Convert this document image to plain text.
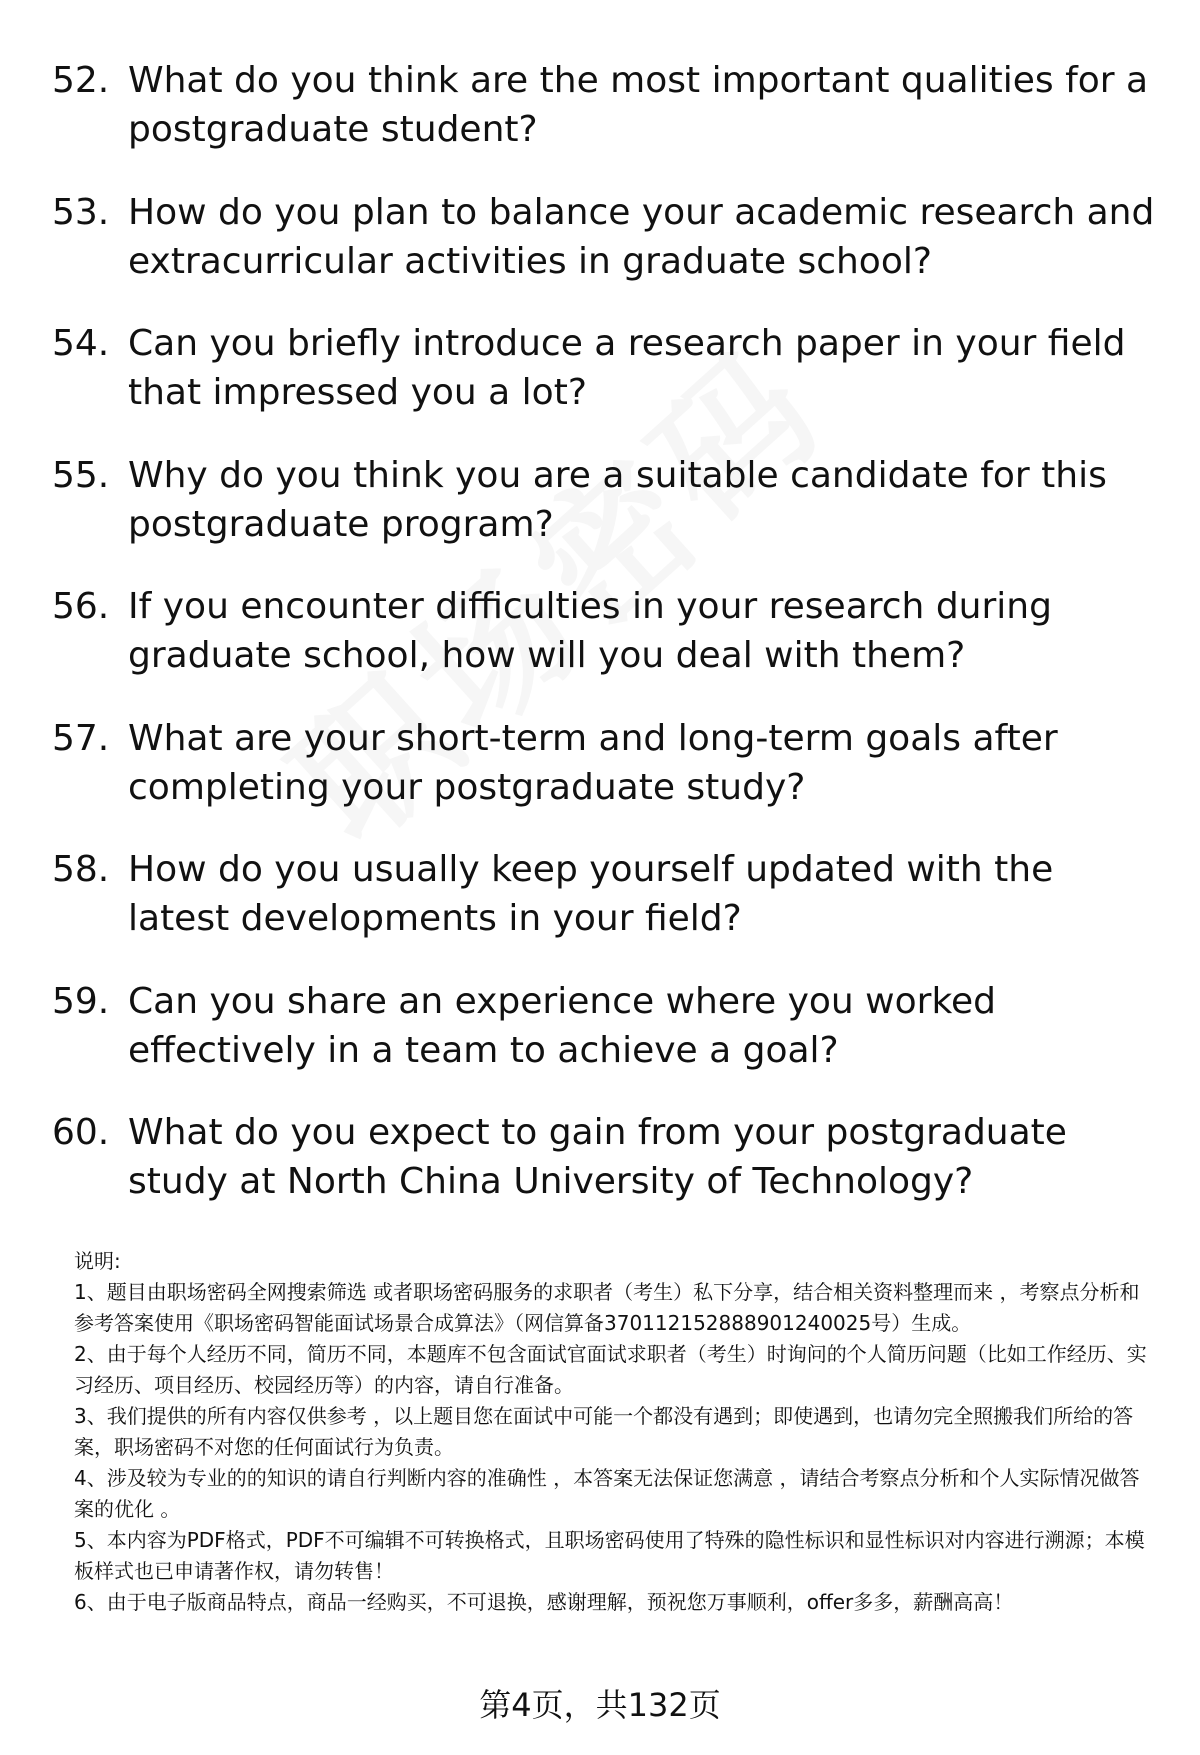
52. What do you think are the most important qualities for a postgraduate student?
53. How do you plan to balance your academic research and extracurricular activities in graduate school?
54. Can you briefly introduce a research paper in your field that impressed you a lot?
55. Why do you think you are a suitable candidate for this postgraduate program?
56. If you encounter difficulties in your research during graduate school, how will you deal with them?
57. What are your short-term and long-term goals after completing your postgraduate study?
58. How do you usually keep yourself updated with the latest developments in your field?
59. Can you share an experience where you worked effectively in a team to achieve a goal?
60. What do you expect to gain from your postgraduate study at North China University of Technology?

说明:

1、题目由职场密码全网搜索筛选 或者职场密码服务的求职者（考生）私下分享，结合相关资料整理而来 ，考察点分析和参考答案使用《职场密码智能面试场景合成算法》（网信算备370112152888901240025号）生成。

2、由于每个人经历不同，简历不同，本题库不包含面试官面试求职者（考生）时询问的个人简历问题（比如工作经历、实习经历、项目经历、校园经历等）的内容，请自行准备。

3、我们提供的所有内容仅供参考 ，以上题目您在面试中可能一个都没有遇到；即使遇到，也请勿完全照搬我们所给的答案，职场密码不对您的任何面试行为负责。

4、涉及较为专业的的知识的请自行判断内容的准确性 ，本答案无法保证您满意 ，请结合考察点分析和个人实际情况做答案的优化 。

5、本内容为PDF格式，PDF不可编辑不可转换格式，且职场密码使用了特殊的隐性标识和显性标识对内容进行溯源；本模板样式也已申请著作权，请勿转售！

6、由于电子版商品特点，商品一经购买，不可退换，感谢理解，预祝您万事顺利，offer多多，薪酬高高！

第4页，共132页
